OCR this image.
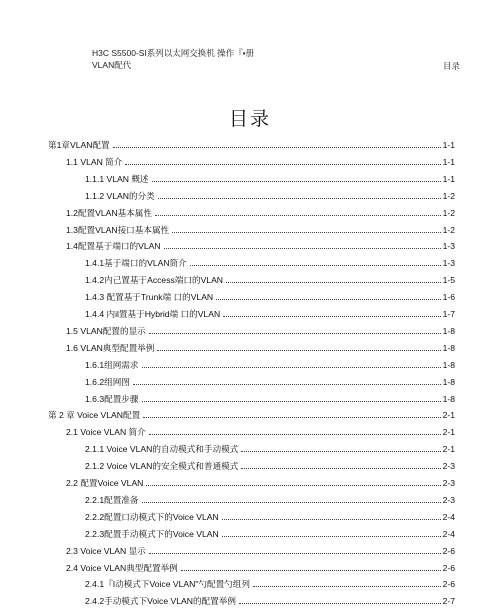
H3C S5500-SI系列以太网交换机 操作『•册
VLAN配代	目录
目录
第1章VLAN配置	1-1
1.1 VLAN 简介	1-1
1.1.1 VLAN 概述	1-1
1.1.2 VLAN的分类	1-2
1.2配置VLAN基本属性	1-2
1.3配置VLAN接口基本属性	1-2
1.4配置基于端口的VLAN	1-3
1.4.1基于端口的VLAN简介	1-3
1.4.2内己置基于Access端口的VLAN	1-5
1.4.3 配置基于Trunk端 口的VLAN	1-6
1.4.4 内il置基于Hybrid端 口的VLAN	1-7
1.5 VLAN配置的显示	1-8
1.6 VLAN典型配置举例	1-8
1.6.1组网需求	1-8
1.6.2组网图	1-8
1.6.3配置步骤	1-8
第 2 章 Voice VLAN配置	2-1
2.1 Voice VLAN 简介	2-1
2.1.1 Voice VLAN的自动模式和手动模式	2-1
2.1.2 Voice VLAN的安全模式和普通模式	2-3
2.2 配置Voice VLAN	2-3
2.2.1配置准备	2-3
2.2.2配置口动模式下的Voice VLAN	2-4
2.2.3配置手动模式下的Voice VLAN	2-4
2.3 Voice VLAN 显示	2-6
2.4 Voice VLAN典型配置举例	2-6
2.4.1『I动模式下Voice VLAN"勺配置勺组列	2-6
2.4.2手动模式下Voice VLAN的配置举例	2-7
